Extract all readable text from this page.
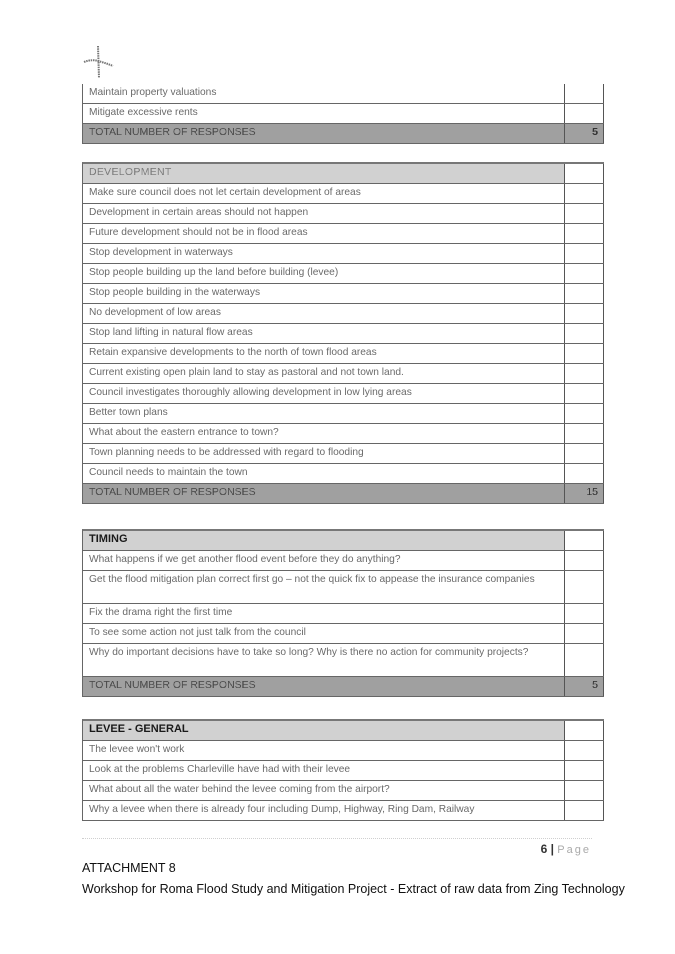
Maintain property valuations
Mitigate excessive rents
TOTAL NUMBER OF RESPONSES	5
DEVELOPMENT
Make sure council does not let certain development of areas
Development in certain areas should not happen
Future development should not be in flood areas
Stop development in waterways
Stop people building up the land before building (levee)
Stop people building in the waterways
No development of low areas
Stop land lifting in natural flow areas
Retain expansive developments to the north of town flood areas
Current existing open plain land to stay as pastoral and not town land.
Council investigates thoroughly allowing development in low lying areas
Better town plans
What about the eastern entrance to town?
Town planning needs to be addressed with regard to flooding
Council needs to maintain the town
TOTAL NUMBER OF RESPONSES	15
TIMING
What happens if we get another flood event before they do anything?
Get the flood mitigation plan correct first go – not the quick fix to appease the insurance companies
Fix the drama right the first time
To see some action not just talk from the council
Why do important decisions have to take so long? Why is there no action for community projects?
TOTAL NUMBER OF RESPONSES	5
LEVEE - GENERAL
The levee won't work
Look at the problems Charleville have had with their levee
What about all the water behind the levee coming from the airport?
Why a levee when there is already four including Dump, Highway, Ring Dam, Railway
6 | Page
ATTACHMENT 8
Workshop for Roma Flood Study and Mitigation Project - Extract of raw data from Zing Technology
